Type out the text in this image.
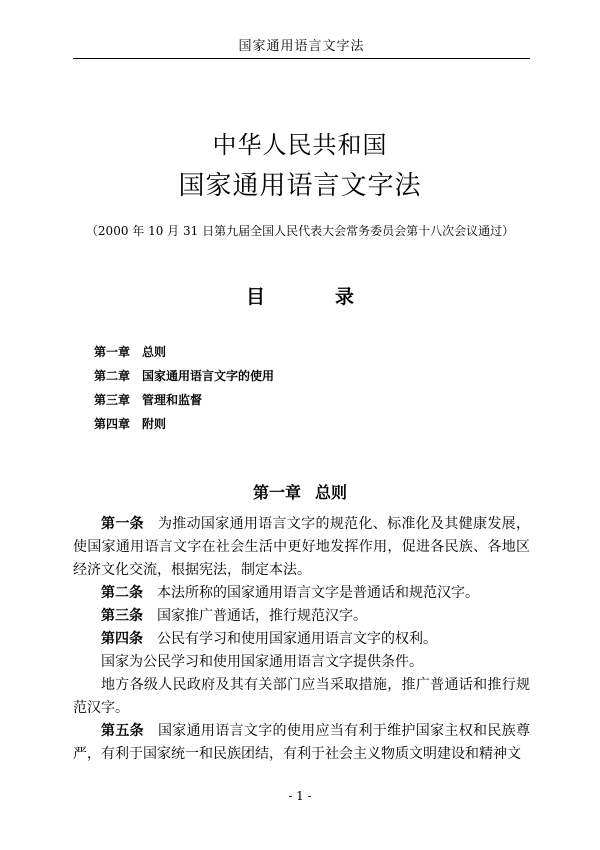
国家通用语言文字法
中华人民共和国
国家通用语言文字法
（2000 年 10 月 31 日第九届全国人民代表大会常务委员会第十八次会议通过）
目	录
第一章 总则
第二章 国家通用语言文字的使用
第三章 管理和监督
第四章 附则
第一章 总则

第一条 为推动国家通用语言文字的规范化、标准化及其健康发展，使国家通用语言文字在社会生活中更好地发挥作用，促进各民族、各地区经济文化交流，根据宪法，制定本法。

第二条 本法所称的国家通用语言文字是普通话和规范汉字。

第三条 国家推广普通话，推行规范汉字。

第四条 公民有学习和使用国家通用语言文字的权利。

国家为公民学习和使用国家通用语言文字提供条件。

地方各级人民政府及其有关部门应当采取措施，推广普通话和推行规范汉字。

第五条 国家通用语言文字的使用应当有利于维护国家主权和民族尊严，有利于国家统一和民族团结，有利于社会主义物质文明建设和精神文

- 1 -
